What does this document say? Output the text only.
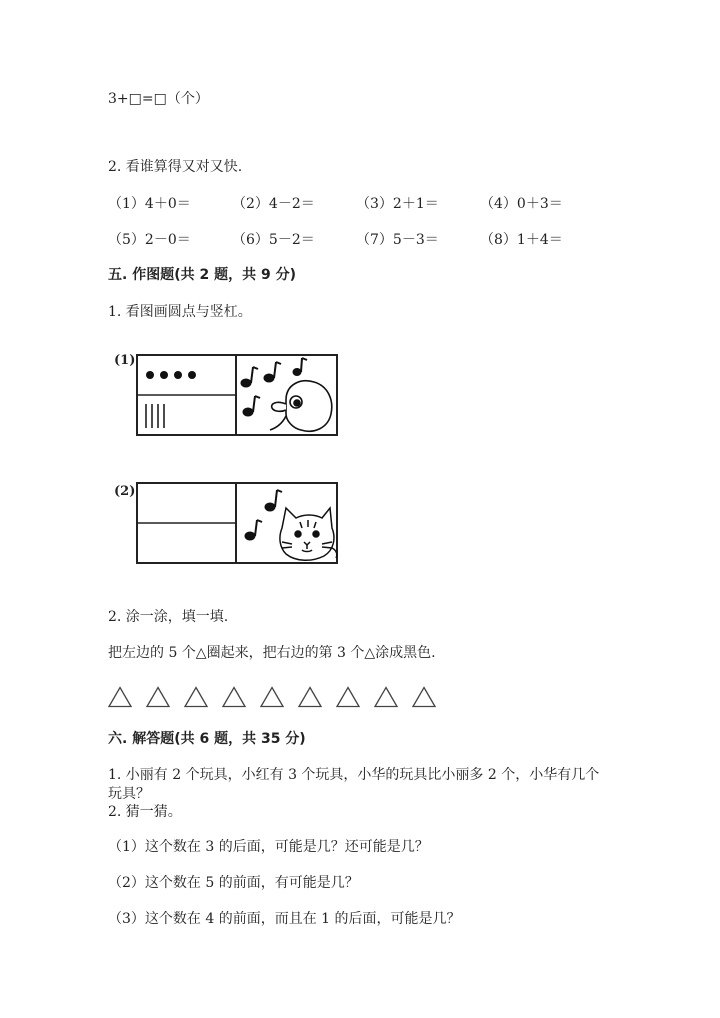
3+□=□（个）
2. 看谁算得又对又快.
（1）4＋0＝	（2）4－2＝	（3）2＋1＝	（4）0＋3＝
（5）2－0＝	（6）5－2＝	（7）5－3＝	（8）1＋4＝
五. 作图题(共 2 题，共 9 分)
1. 看图画圆点与竖杠。
(1)
(2)
2. 涂一涂，填一填.
把左边的 5 个△圈起来，把右边的第 3 个△涂成黑色.
六. 解答题(共 6 题，共 35 分)
1. 小丽有 2 个玩具，小红有 3 个玩具，小华的玩具比小丽多 2 个，小华有几个
玩具？
2. 猜一猜。
（1）这个数在 3 的后面，可能是几？还可能是几？
（2）这个数在 5 的前面，有可能是几？
（3）这个数在 4 的前面，而且在 1 的后面，可能是几？
